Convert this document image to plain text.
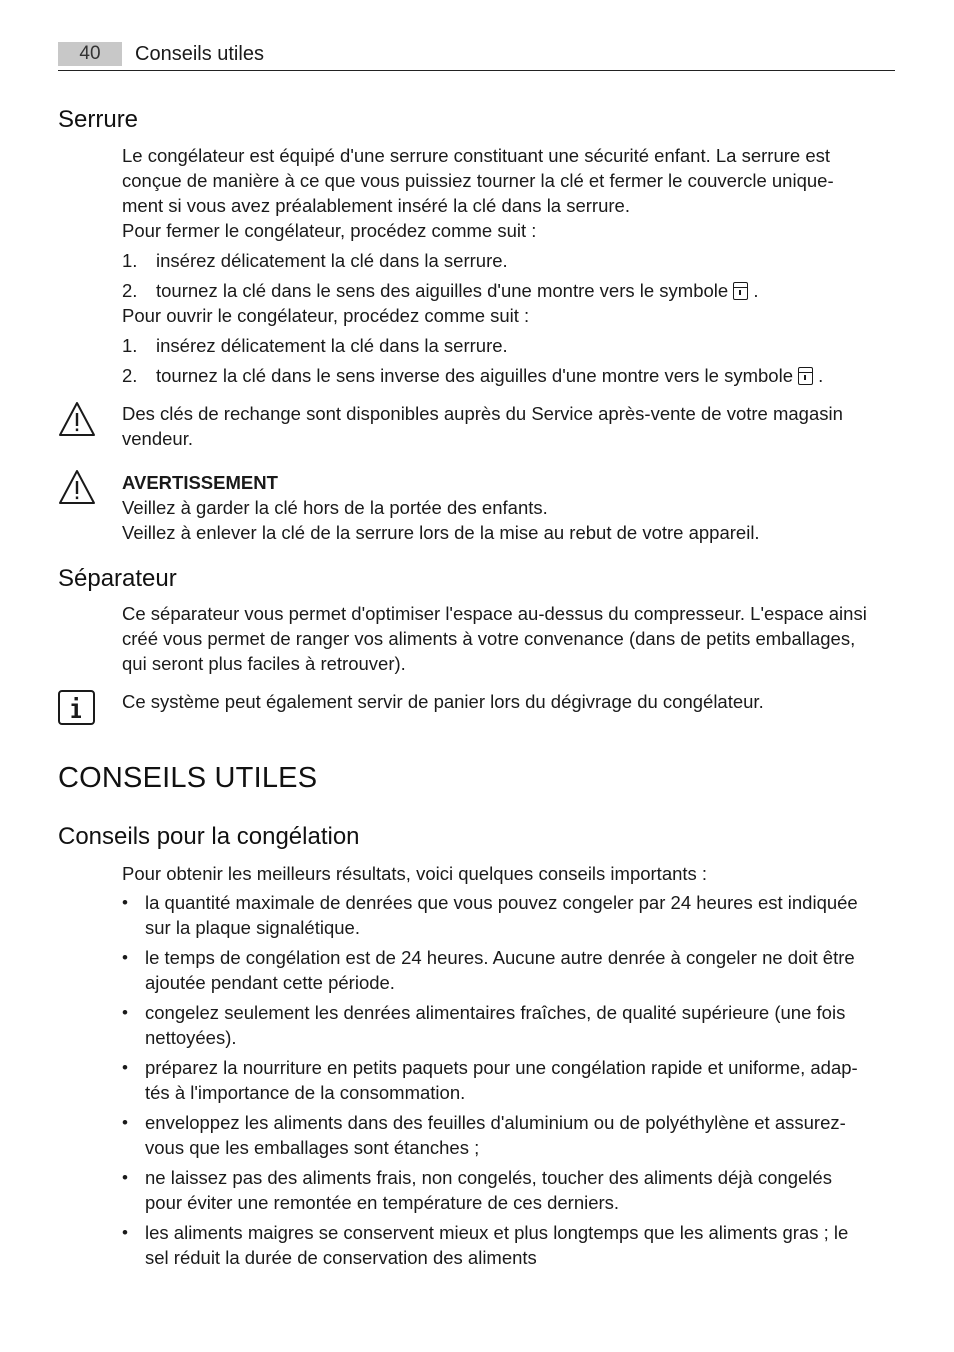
40	Conseils utiles
Serrure

Le congélateur est équipé d'une serrure constituant une sécurité enfant. La serrure est

conçue de manière à ce que vous puissiez tourner la clé et fermer le couvercle unique-

ment si vous avez préalablement inséré la clé dans la serrure.

Pour fermer le congélateur, procédez comme suit :

1. insérez délicatement la clé dans la serrure.
2. tournez la clé dans le sens des aiguilles d'une montre vers le symbole .

Pour ouvrir le congélateur, procédez comme suit :

1. insérez délicatement la clé dans la serrure.
2. tournez la clé dans le sens inverse des aiguilles d'une montre vers le symbole .

Des clés de rechange sont disponibles auprès du Service après-vente de votre magasin

vendeur.

AVERTISSEMENT

Veillez à garder la clé hors de la portée des enfants.

Veillez à enlever la clé de la serrure lors de la mise au rebut de votre appareil.

Séparateur

Ce séparateur vous permet d'optimiser l'espace au-dessus du compresseur. L'espace ainsi

créé vous permet de ranger vos aliments à votre convenance (dans de petits emballages,

qui seront plus faciles à retrouver).

Ce système peut également servir de panier lors du dégivrage du congélateur.

CONSEILS UTILES
Conseils pour la congélation

Pour obtenir les meilleurs résultats, voici quelques conseils importants :

• la quantité maximale de denrées que vous pouvez congeler par 24 heures est indiquée
sur la plaque signalétique.
• le temps de congélation est de 24 heures. Aucune autre denrée à congeler ne doit être
ajoutée pendant cette période.
• congelez seulement les denrées alimentaires fraîches, de qualité supérieure (une fois
nettoyées).
• préparez la nourriture en petits paquets pour une congélation rapide et uniforme, adap-
tés à l'importance de la consommation.
• enveloppez les aliments dans des feuilles d'aluminium ou de polyéthylène et assurez-
vous que les emballages sont étanches ;
• ne laissez pas des aliments frais, non congelés, toucher des aliments déjà congelés
pour éviter une remontée en température de ces derniers.
• les aliments maigres se conservent mieux et plus longtemps que les aliments gras ; le
sel réduit la durée de conservation des aliments
